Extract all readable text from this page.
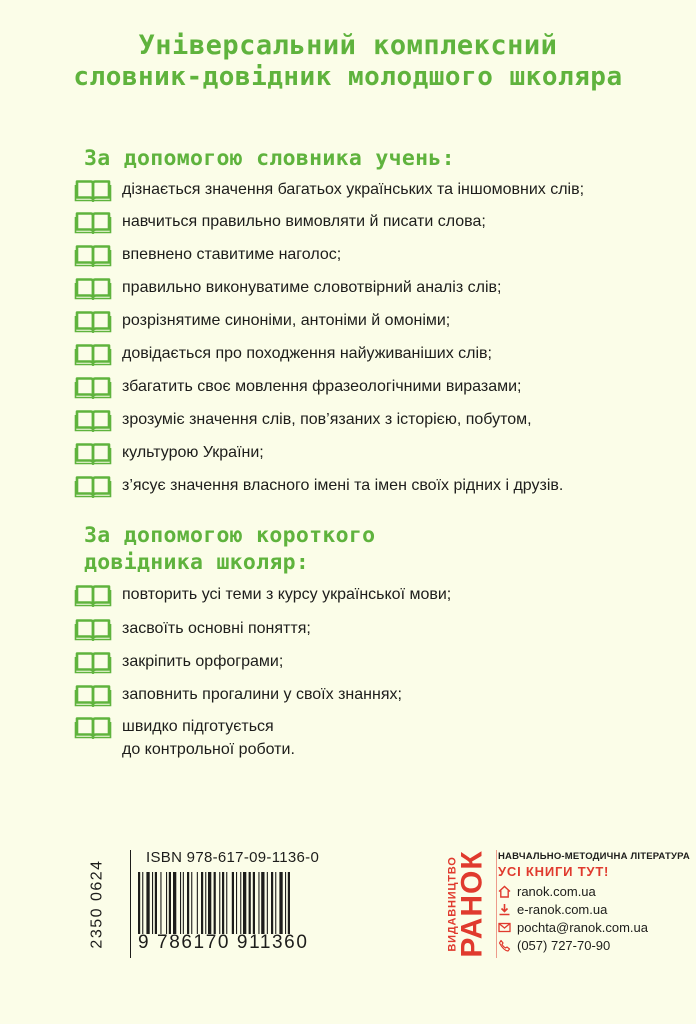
Універсальний комплексний
словник-довідник молодшого школяра
За допомогою словника учень:
дізнається значення багатьох українських та іншомовних слів;
навчиться правильно вимовляти й писати слова;
впевнено ставитиме наголос;
правильно виконуватиме словотвірний аналіз слів;
розрізнятиме синоніми, антоніми й омоніми;
довідається про походження найуживаніших слів;
збагатить своє мовлення фразеологічними виразами;
зрозуміє значення слів, пов’язаних з історією, побутом,
культурою України;
з’ясує значення власного імені та імен своїх рідних і друзів.
За допомогою короткого
довідника школяр:
повторить усі теми з курсу української мови;
засвоїть основні поняття;
закріпить орфограми;
заповнить прогалини у своїх знаннях;
швидко підготується
до контрольної роботи.
2350 0624
ISBN 978-617-09-1136-0
9 786170 911360	ВИДАВНИЦТВО
РАНОК НАВЧАЛЬНО-МЕТОДИЧНА ЛІТЕРАТУРА
УСІ КНИГИ ТУТ!
ranok.com.ua
e-ranok.com.ua
pochta@ranok.com.ua
(057) 727-70-90
